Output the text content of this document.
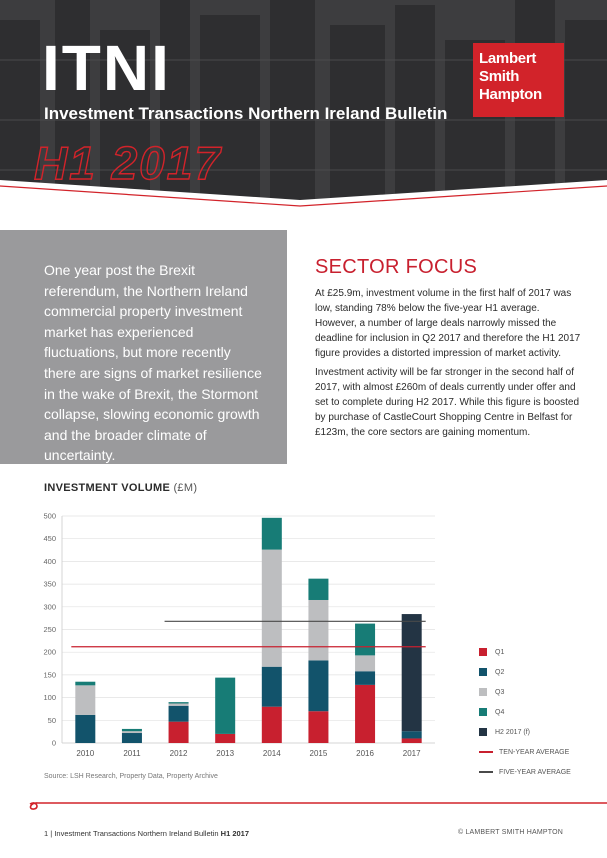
ITNI
Investment Transactions Northern Ireland Bulletin
H1 2017
Lambert
Smith
Hampton

One year post the Brexit referendum, the Northern Ireland commercial property investment market has experienced fluctuations, but more recently there are signs of market resilience in the wake of Brexit, the Stormont collapse, slowing economic growth and the broader climate of uncertainty.

SECTOR FOCUS

At £25.9m, investment volume in the first half of 2017 was low, standing 78% below the five-year H1 average. However, a number of large deals narrowly missed the deadline for inclusion in Q2 2017 and therefore the H1 2017 figure provides a distorted impression of market activity.

Investment activity will be far stronger in the second half of 2017, with almost £260m of deals currently under offer and set to complete during H2 2017. While this figure is boosted by purchase of CastleCourt Shopping Centre in Belfast for £123m, the core sectors are gaining momentum.

INVESTMENT VOLUME (£M)
0
50
100
150
200
250
300
350
400
450
500
2010	2011	2012	2013	2014	2015	2016	2017
Q1
Q2
Q3
Q4
H2 2017 (f)
TEN-YEAR AVERAGE
FIVE-YEAR AVERAGE
Source: LSH Research, Property Data, Property Archive
1 | Investment Transactions Northern Ireland Bulletin H1 2017	© LAMBERT SMITH HAMPTON
